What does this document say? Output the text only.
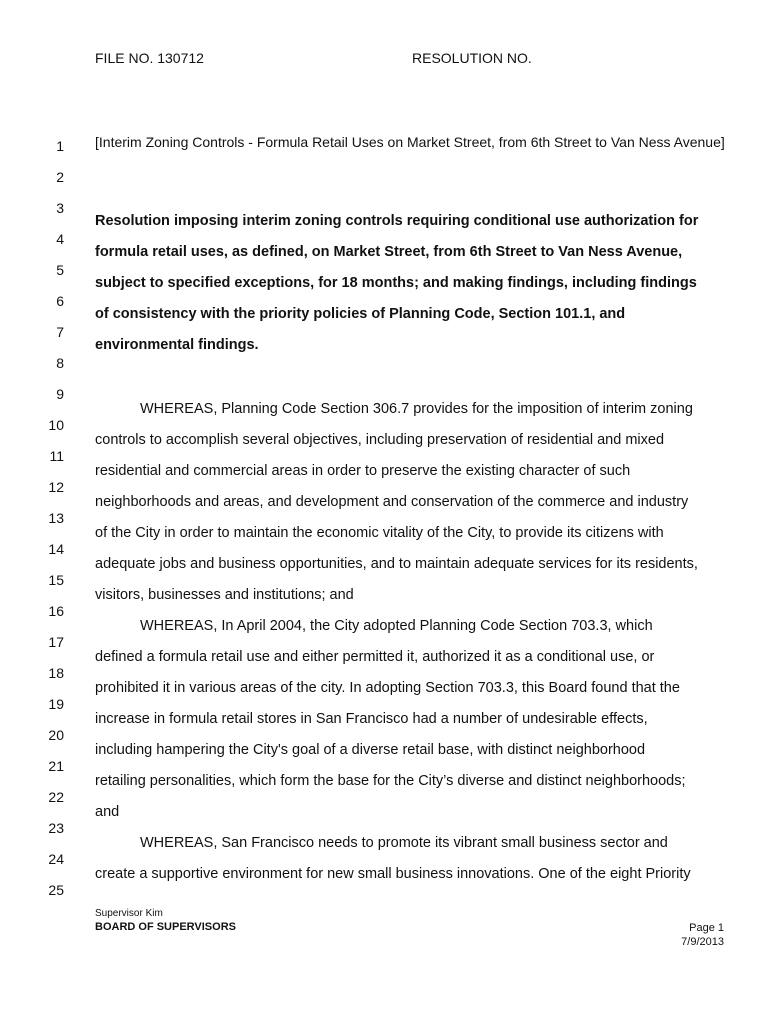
FILE NO. 130712	RESOLUTION NO.
1
2
3
4
5
6
7
8
9
10
11
12
13
14
15
16
17
18
19
20
21
22
23
24
25
[Interim Zoning Controls - Formula Retail Uses on Market Street, from 6th Street to Van Ness Avenue]
Resolution imposing interim zoning controls requiring conditional use authorization for
formula retail uses, as defined, on Market Street, from 6th Street to Van Ness Avenue,
subject to specified exceptions, for 18 months; and making findings, including findings
of consistency with the priority policies of Planning Code, Section 101.1, and
environmental findings.
WHEREAS, Planning Code Section 306.7 provides for the imposition of interim zoning
controls to accomplish several objectives, including preservation of residential and mixed
residential and commercial areas in order to preserve the existing character of such
neighborhoods and areas, and development and conservation of the commerce and industry
of the City in order to maintain the economic vitality of the City, to provide its citizens with
adequate jobs and business opportunities, and to maintain adequate services for its residents,
visitors, businesses and institutions; and
WHEREAS, In April 2004, the City adopted Planning Code Section 703.3, which
defined a formula retail use and either permitted it, authorized it as a conditional use, or
prohibited it in various areas of the city. In adopting Section 703.3, this Board found that the
increase in formula retail stores in San Francisco had a number of undesirable effects,
including hampering the City's goal of a diverse retail base, with distinct neighborhood
retailing personalities, which form the base for the City’s diverse and distinct neighborhoods;
and
WHEREAS, San Francisco needs to promote its vibrant small business sector and
create a supportive environment for new small business innovations. One of the eight Priority
Supervisor Kim
BOARD OF SUPERVISORS	Page 1
7/9/2013
